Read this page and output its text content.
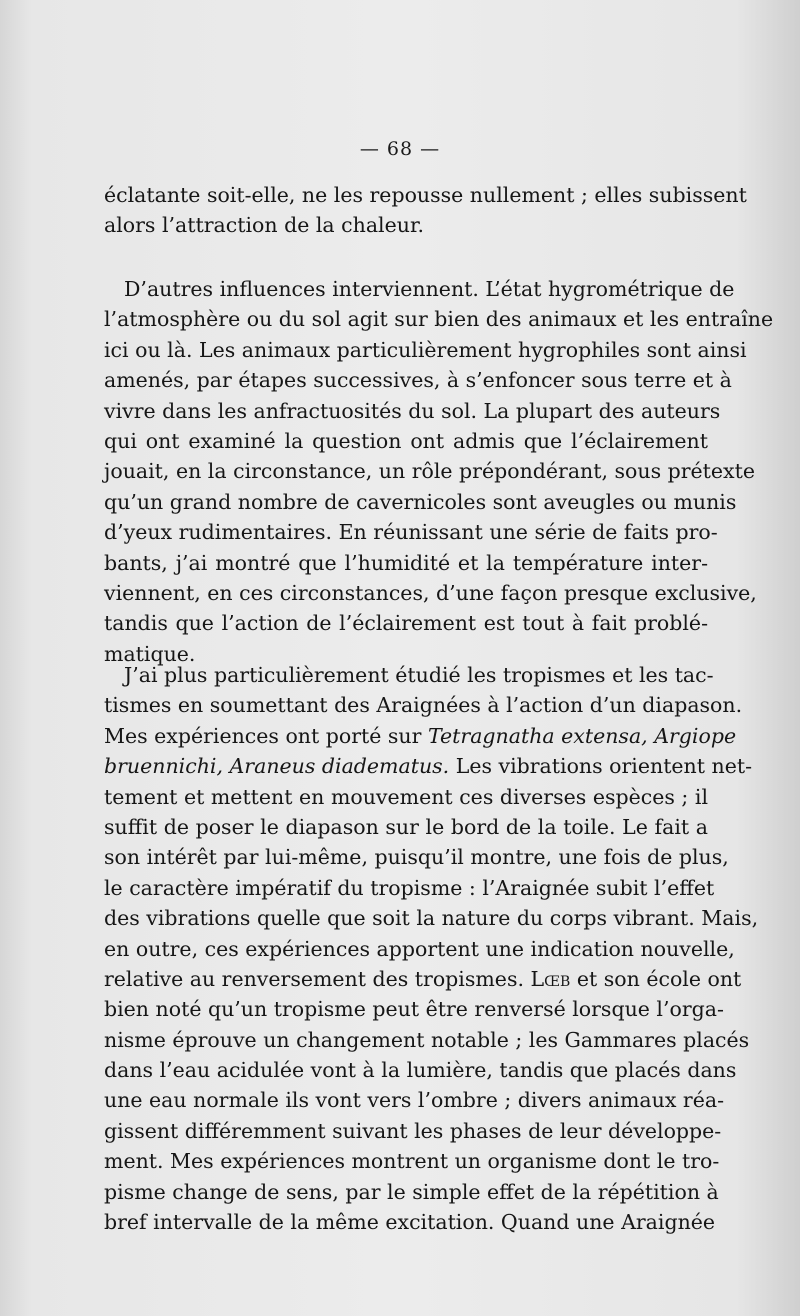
— 68 —
éclatante soit-elle, ne les repousse nullement ; elles subissent
alors l’attraction de la chaleur.
D’autres influences interviennent. L’état hygrométrique de
l’atmosphère ou du sol agit sur bien des animaux et les entraîne
ici ou là. Les animaux particulièrement hygrophiles sont ainsi
amenés, par étapes successives, à s’enfoncer sous terre et à
vivre dans les anfractuosités du sol. La plupart des auteurs
qui ont examiné la question ont admis que l’éclairement
jouait, en la circonstance, un rôle prépondérant, sous prétexte
qu’un grand nombre de cavernicoles sont aveugles ou munis
d’yeux rudimentaires. En réunissant une série de faits pro-
bants, j’ai montré que l’humidité et la température inter-
viennent, en ces circonstances, d’une façon presque exclusive,
tandis que l’action de l’éclairement est tout à fait problé-
matique.
J’ai plus particulièrement étudié les tropismes et les tac-
tismes en soumettant des Araignées à l’action d’un diapason.
Mes expériences ont porté sur Tetragnatha extensa, Argiope
bruennichi, Araneus diadematus. Les vibrations orientent net-
tement et mettent en mouvement ces diverses espèces ; il
suffit de poser le diapason sur le bord de la toile. Le fait a
son intérêt par lui-même, puisqu’il montre, une fois de plus,
le caractère impératif du tropisme : l’Araignée subit l’effet
des vibrations quelle que soit la nature du corps vibrant. Mais,
en outre, ces expériences apportent une indication nouvelle,
relative au renversement des tropismes. Lœb et son école ont
bien noté qu’un tropisme peut être renversé lorsque l’orga-
nisme éprouve un changement notable ; les Gammares placés
dans l’eau acidulée vont à la lumière, tandis que placés dans
une eau normale ils vont vers l’ombre ; divers animaux réa-
gissent différemment suivant les phases de leur développe-
ment. Mes expériences montrent un organisme dont le tro-
pisme change de sens, par le simple effet de la répétition à
bref intervalle de la même excitation. Quand une Araignée
